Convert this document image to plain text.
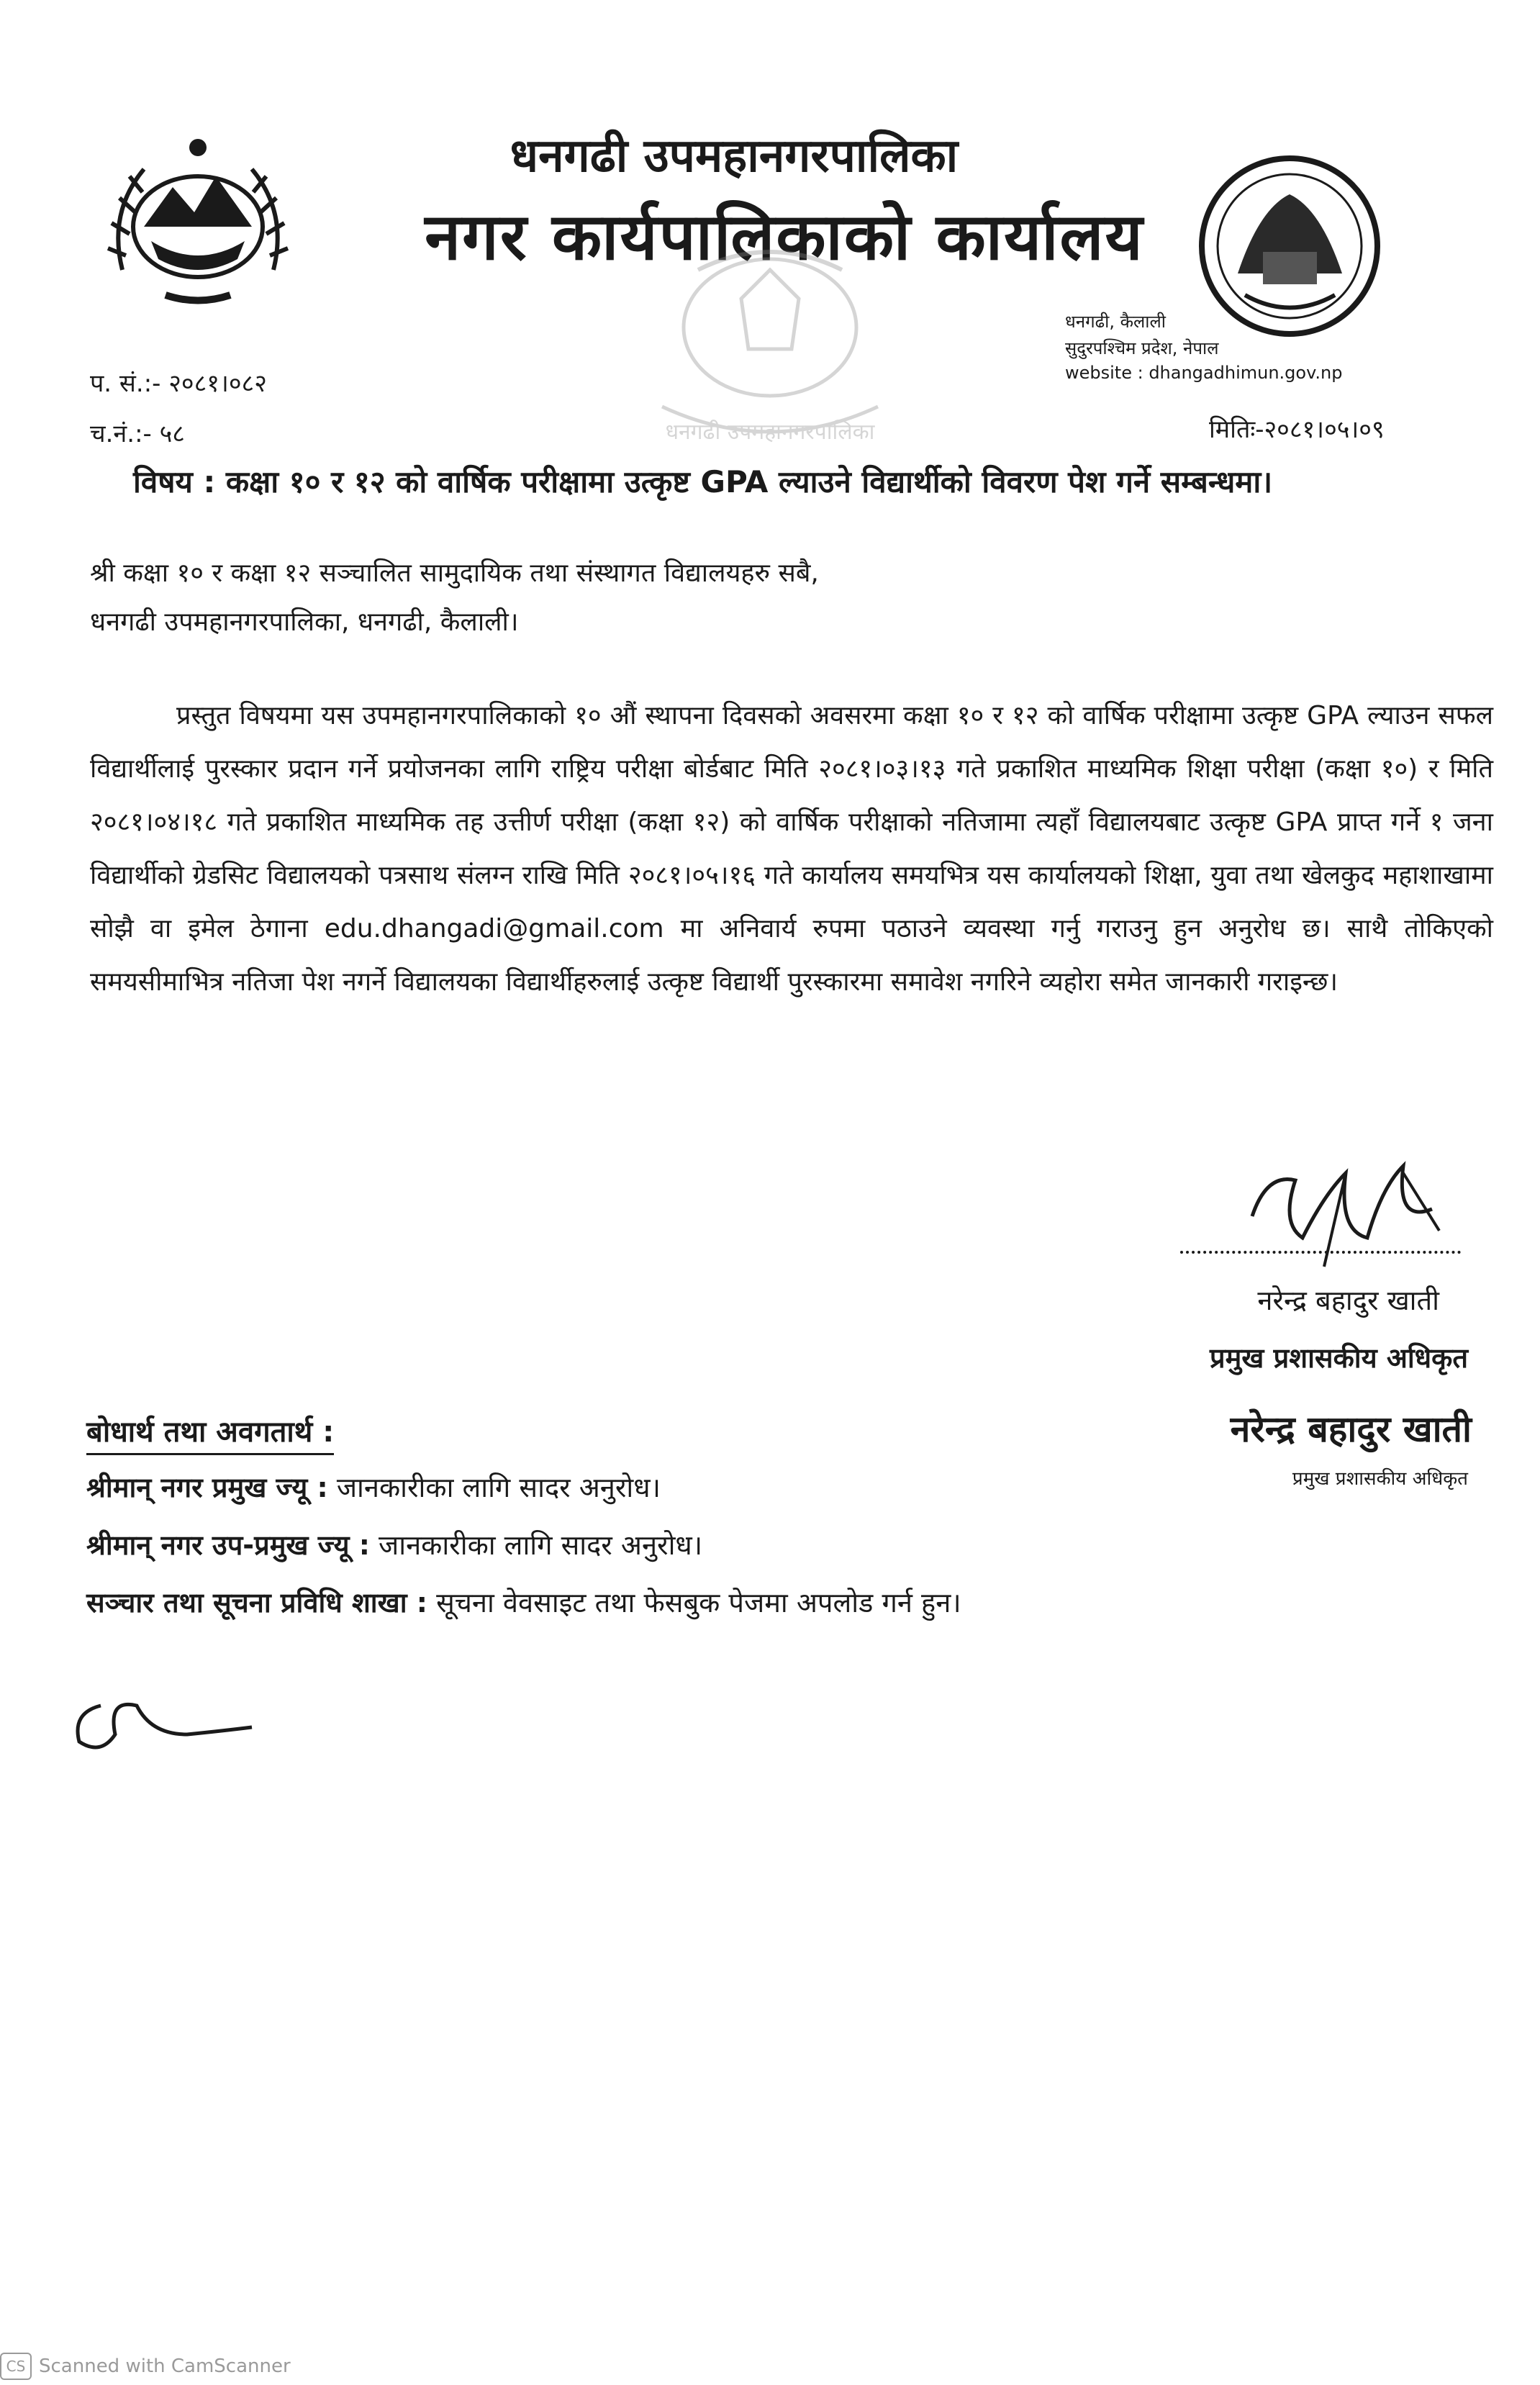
धनगढी उपमहानगरपालिका
नगर कार्यपालिकाको कार्यालय
धनगढी उपमहानगरपालिका
धनगढी, कैलाली
सुदुरपश्चिम प्रदेश, नेपाल
website : dhangadhimun.gov.np
प. सं.:- २०८१।०८२
च.नं.:- ५८	मितिः-२०८१।०५।०९
विषय : कक्षा १० र १२ को वार्षिक परीक्षामा उत्कृष्ट GPA ल्याउने विद्यार्थीको विवरण पेश गर्ने सम्बन्धमा।
श्री कक्षा १० र कक्षा १२ सञ्चालित सामुदायिक तथा संस्थागत विद्यालयहरु सबै,
धनगढी उपमहानगरपालिका, धनगढी, कैलाली।
प्रस्तुत विषयमा यस उपमहानगरपालिकाको १० औं स्थापना दिवसको अवसरमा कक्षा १० र १२ को वार्षिक परीक्षामा उत्कृष्ट GPA ल्याउन सफल विद्यार्थीलाई पुरस्कार प्रदान गर्ने प्रयोजनका लागि राष्ट्रिय परीक्षा बोर्डबाट मिति २०८१।०३।१३ गते प्रकाशित माध्यमिक शिक्षा परीक्षा (कक्षा १०) र मिति २०८१।०४।१८ गते प्रकाशित माध्यमिक तह उत्तीर्ण परीक्षा (कक्षा १२) को वार्षिक परीक्षाको नतिजामा त्यहाँ विद्यालयबाट उत्कृष्ट GPA प्राप्त गर्ने १ जना विद्यार्थीको ग्रेडसिट विद्यालयको पत्रसाथ संलग्न राखि मिति २०८१।०५।१६ गते कार्यालय समयभित्र यस कार्यालयको शिक्षा, युवा तथा खेलकुद महाशाखामा सोझै वा इमेल ठेगाना edu.dhangadi@gmail.com मा अनिवार्य रुपमा पठाउने व्यवस्था गर्नु गराउनु हुन अनुरोध छ। साथै तोकिएको समयसीमाभित्र नतिजा पेश नगर्ने विद्यालयका विद्यार्थीहरुलाई उत्कृष्ट विद्यार्थी पुरस्कारमा समावेश नगरिने व्यहोरा समेत जानकारी गराइन्छ।
नरेन्द्र बहादुर खाती
प्रमुख प्रशासकीय अधिकृत
नरेन्द्र बहादुर खाती
प्रमुख प्रशासकीय अधिकृत
बोधार्थ तथा अवगतार्थ :
श्रीमान् नगर प्रमुख ज्यू : जानकारीका लागि सादर अनुरोध।
श्रीमान् नगर उप-प्रमुख ज्यू : जानकारीका लागि सादर अनुरोध।
सञ्चार तथा सूचना प्रविधि शाखा : सूचना वेवसाइट तथा फेसबुक पेजमा अपलोड गर्न हुन।
CS Scanned with CamScanner
